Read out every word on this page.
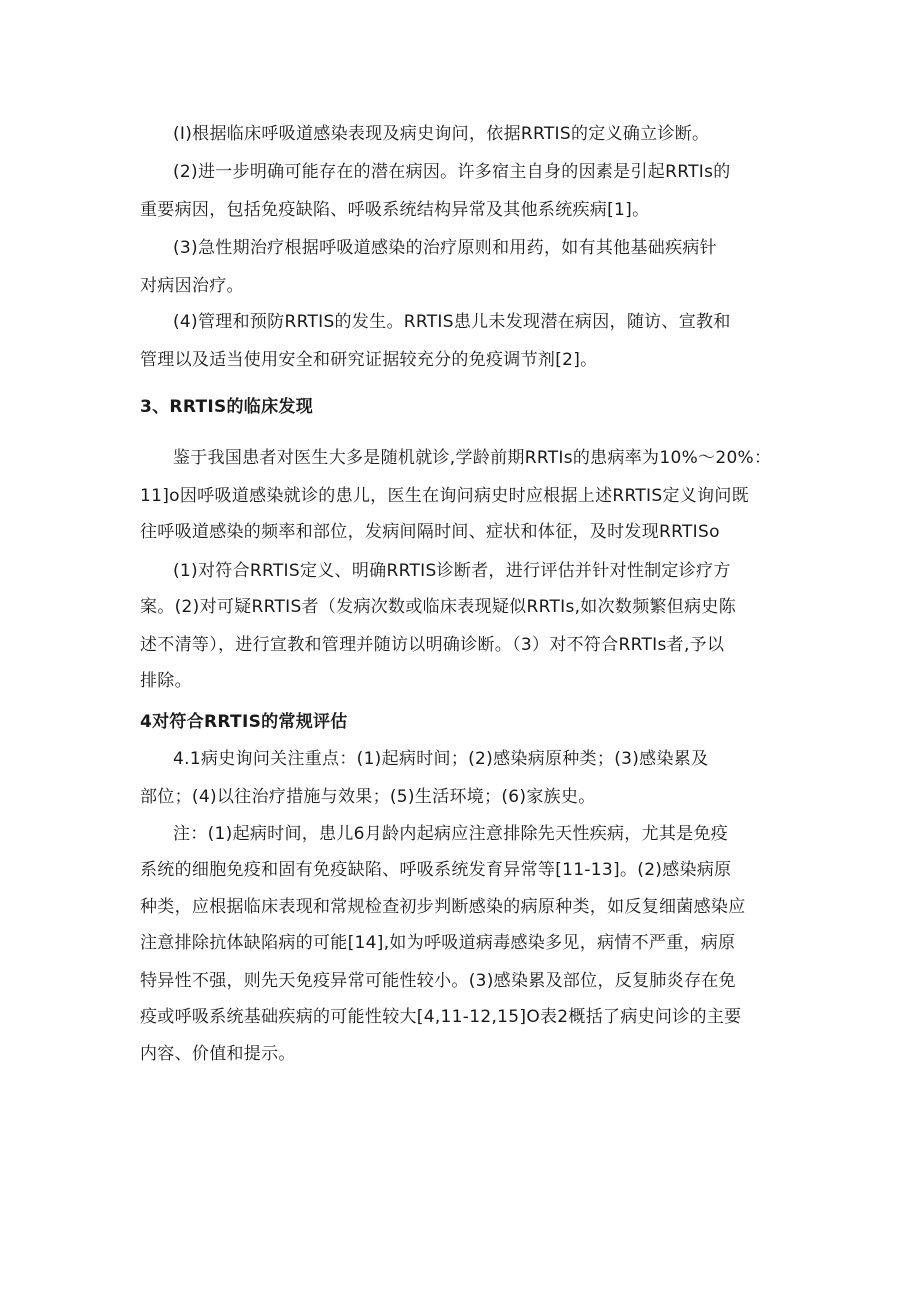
(I)根据临床呼吸道感染表现及病史询问，依据RRTIS的定义确立诊断。

(2)进一步明确可能存在的潜在病因。许多宿主自身的因素是引起RRTIs的

重要病因，包括免疫缺陷、呼吸系统结构异常及其他系统疾病[1]。

(3)急性期治疗根据呼吸道感染的治疗原则和用药，如有其他基础疾病针

对病因治疗。

(4)管理和预防RRTIS的发生。RRTIS患儿未发现潜在病因，随访、宣教和

管理以及适当使用安全和研究证据较充分的免疫调节剂[2]。

3、RRTIS的临床发现

鉴于我国患者对医生大多是随机就诊,学龄前期RRTIs的患病率为10%〜20%：

11]o因呼吸道感染就诊的患儿，医生在询问病史时应根据上述RRTIS定义询问既

往呼吸道感染的频率和部位，发病间隔时间、症状和体征，及时发现RRTISo

(1)对符合RRTIS定义、明确RRTIS诊断者，进行评估并针对性制定诊疗方

案。(2)对可疑RRTIS者（发病次数或临床表现疑似RRTIs,如次数频繁但病史陈

述不清等），进行宣教和管理并随访以明确诊断。（3）对不符合RRTIs者,予以

排除。

4对符合RRTIS的常规评估

4.1病史询问关注重点：(1)起病时间；(2)感染病原种类；(3)感染累及

部位；(4)以往治疗措施与效果；(5)生活环境；(6)家族史。

注：(1)起病时间，患儿6月龄内起病应注意排除先天性疾病，尤其是免疫

系统的细胞免疫和固有免疫缺陷、呼吸系统发育异常等[11-13]。(2)感染病原

种类，应根据临床表现和常规检查初步判断感染的病原种类，如反复细菌感染应

注意排除抗体缺陷病的可能[14],如为呼吸道病毒感染多见，病情不严重，病原

特异性不强，则先天免疫异常可能性较小。(3)感染累及部位，反复肺炎存在免

疫或呼吸系统基础疾病的可能性较大[4,11-12,15]O表2概括了病史问诊的主要

内容、价值和提示。
